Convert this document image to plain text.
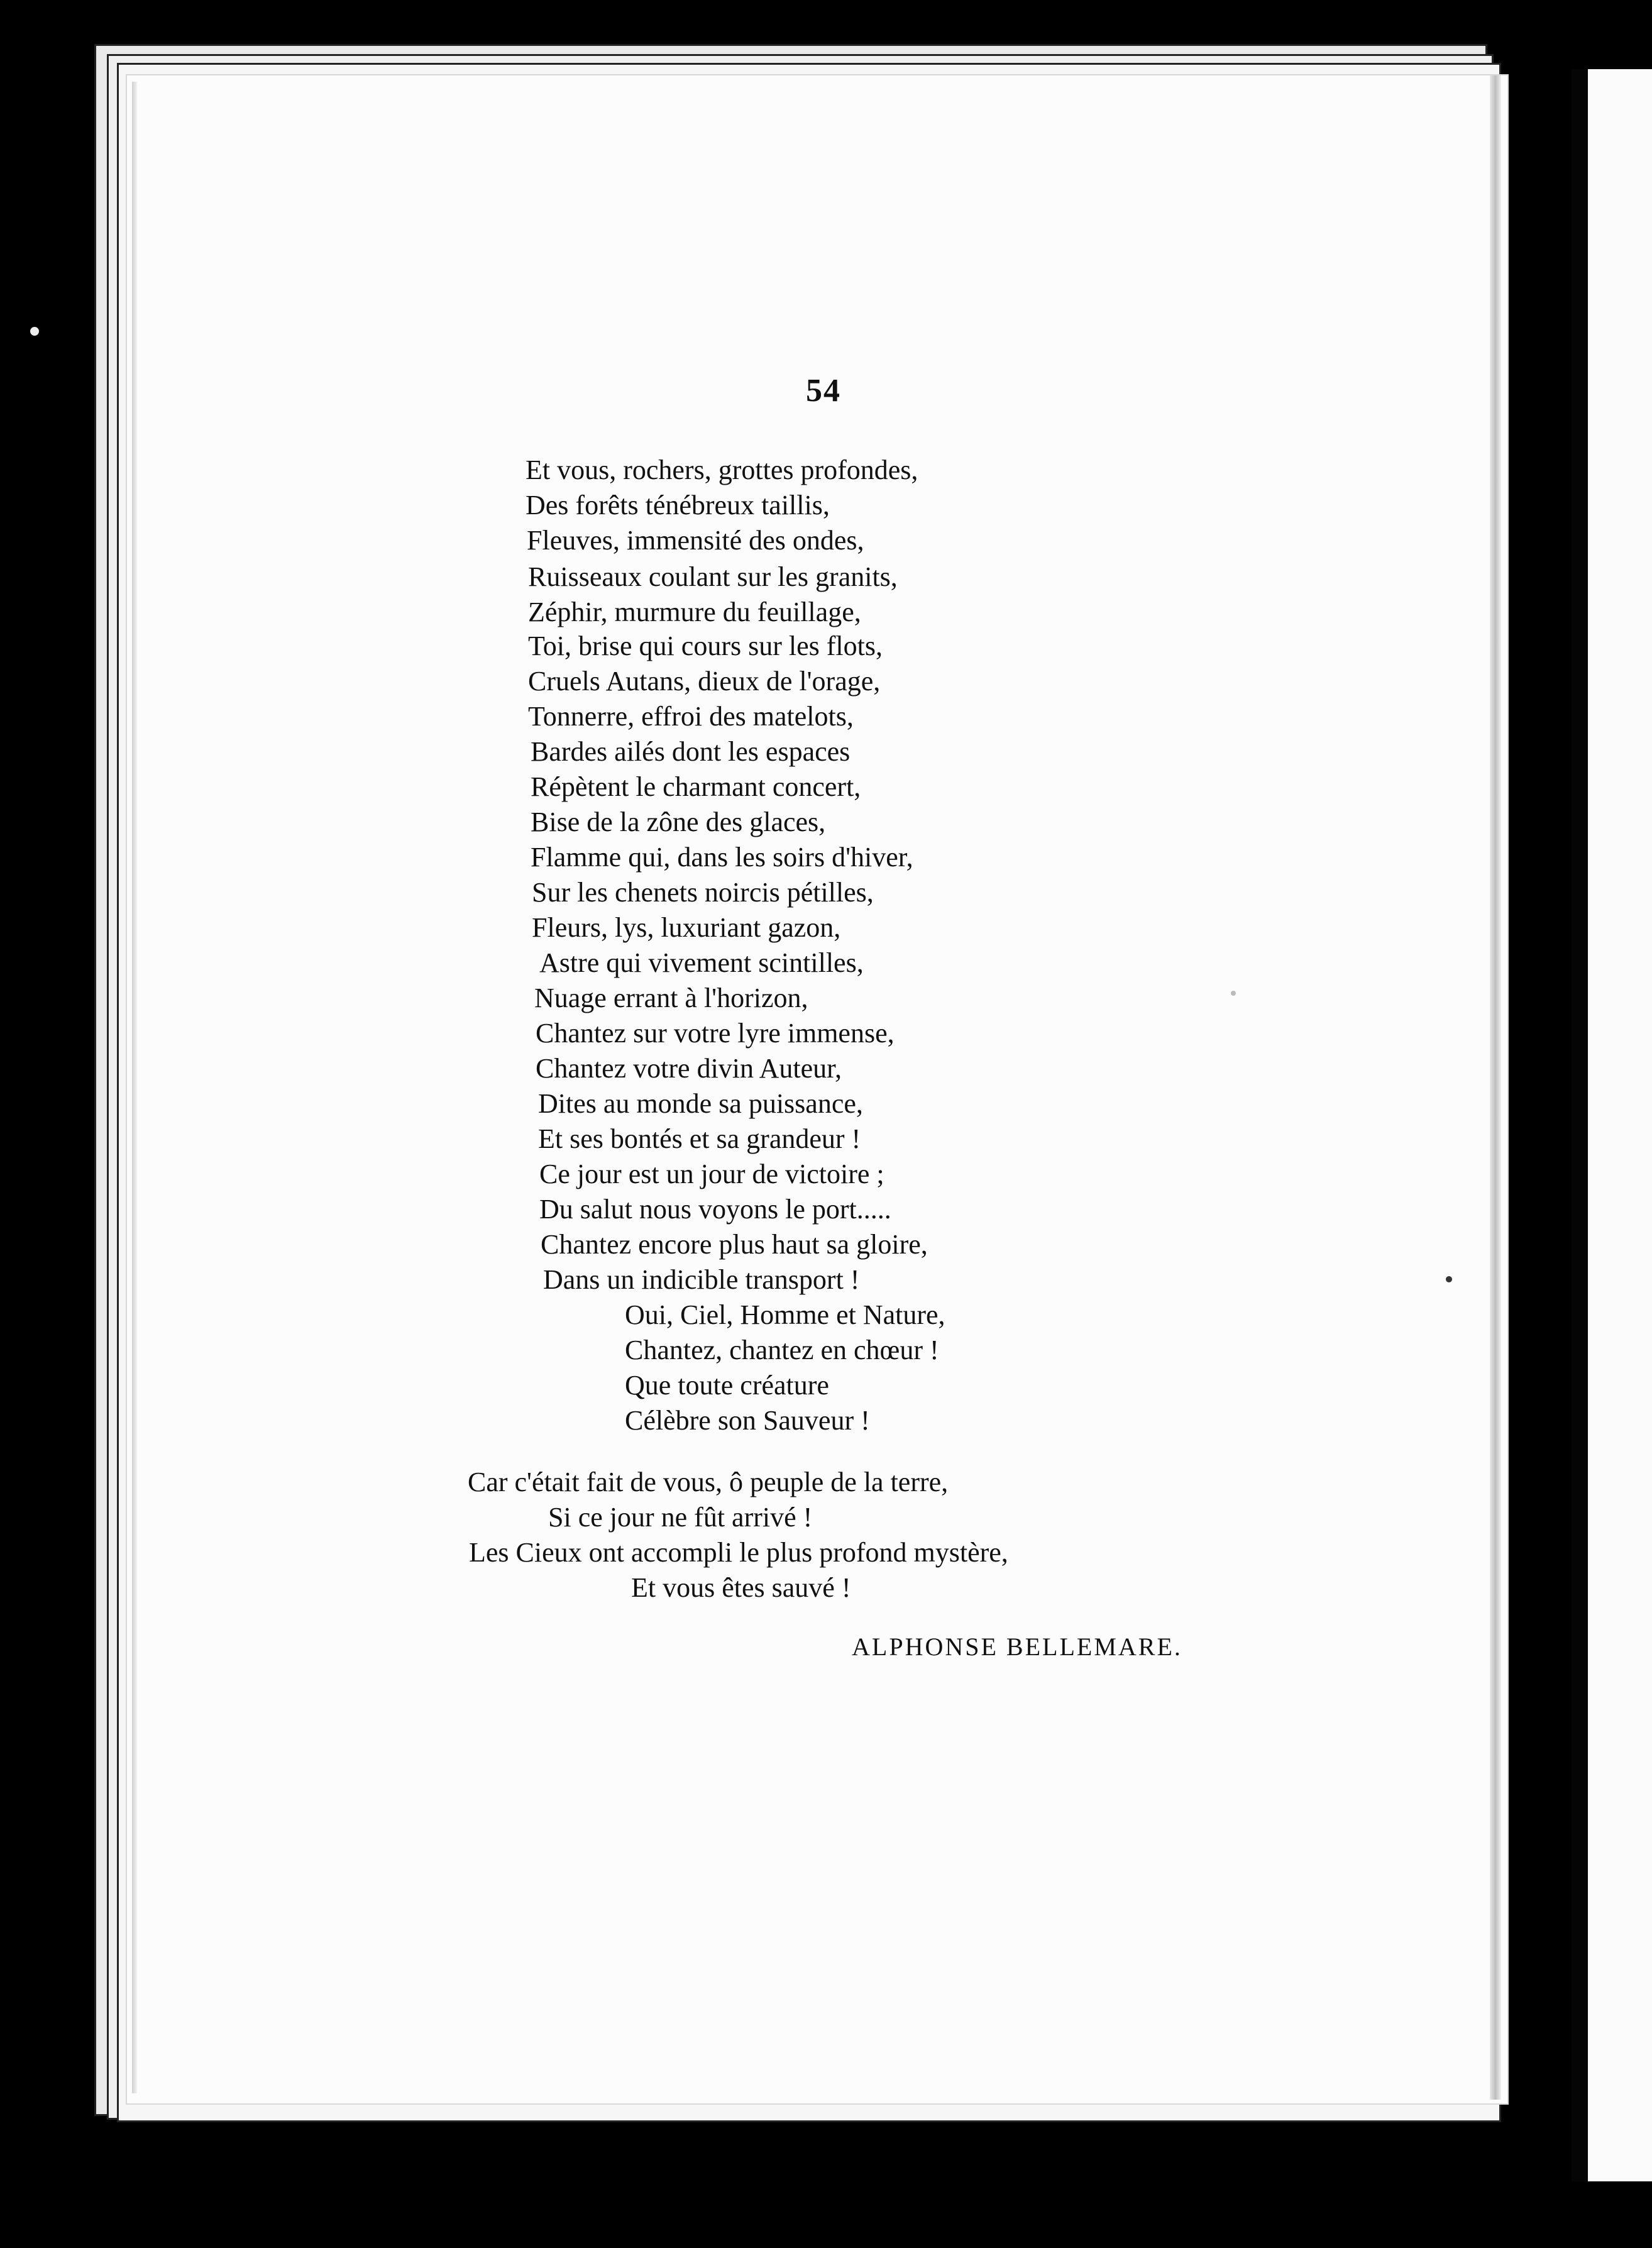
54
Et vous, rochers, grottes profondes,
Des forêts ténébreux taillis,
Fleuves, immensité des ondes,
Ruisseaux coulant sur les granits,
Zéphir, murmure du feuillage,
Toi, brise qui cours sur les flots,
Cruels Autans, dieux de l'orage,
Tonnerre, effroi des matelots,
Bardes ailés dont les espaces
Répètent le charmant concert,
Bise de la zône des glaces,
Flamme qui, dans les soirs d'hiver,
Sur les chenets noircis pétilles,
Fleurs, lys, luxuriant gazon,
Astre qui vivement scintilles,
Nuage errant à l'horizon,
Chantez sur votre lyre immense,
Chantez votre divin Auteur,
Dites au monde sa puissance,
Et ses bontés et sa grandeur !
Ce jour est un jour de victoire ;
Du salut nous voyons le port.....
Chantez encore plus haut sa gloire,
Dans un indicible transport !
Oui, Ciel, Homme et Nature,
Chantez, chantez en chœur !
Que toute créature
Célèbre son Sauveur !
Car c'était fait de vous, ô peuple de la terre,
Si ce jour ne fût arrivé !
Les Cieux ont accompli le plus profond mystère,
Et vous êtes sauvé !
ALPHONSE BELLEMARE.
